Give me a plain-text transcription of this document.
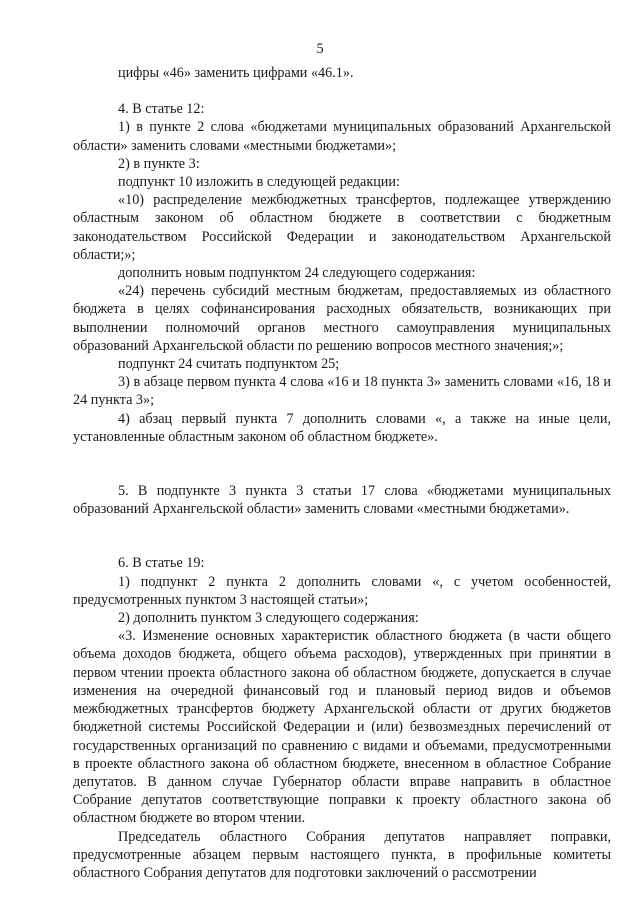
5

цифры «46» заменить цифрами «46.1».

4. В статье 12:

1) в пункте 2 слова «бюджетами муниципальных образований Архангельской области» заменить словами «местными бюджетами»;

2) в пункте 3:

подпункт 10 изложить в следующей редакции:

«10) распределение межбюджетных трансфертов, подлежащее утверждению областным законом об областном бюджете в соответствии с бюджетным законодательством Российской Федерации и законодательством Архангельской области;»;

дополнить новым подпунктом 24 следующего содержания:

«24) перечень субсидий местным бюджетам, предоставляемых из областного бюджета в целях софинансирования расходных обязательств, возникающих при выполнении полномочий органов местного самоуправления муниципальных образований Архангельской области по решению вопросов местного значения;»;

подпункт 24 считать подпунктом 25;

3) в абзаце первом пункта 4 слова «16 и 18 пункта 3» заменить словами «16, 18 и 24 пункта 3»;

4) абзац первый пункта 7 дополнить словами «, а также на иные цели, установленные областным законом об областном бюджете».

5. В подпункте 3 пункта 3 статьи 17 слова «бюджетами муниципальных образований Архангельской области» заменить словами «местными бюджетами».

6. В статье 19:

1) подпункт 2 пункта 2 дополнить словами «, с учетом особенностей, предусмотренных пунктом 3 настоящей статьи»;

2) дополнить пунктом 3 следующего содержания:

«3. Изменение основных характеристик областного бюджета (в части общего объема доходов бюджета, общего объема расходов), утвержденных при принятии в первом чтении проекта областного закона об областном бюджете, допускается в случае изменения на очередной финансовый год и плановый период видов и объемов межбюджетных трансфертов бюджету Архангельской области от других бюджетов бюджетной системы Российской Федерации и (или) безвозмездных перечислений от государственных организаций по сравнению с видами и объемами, предусмотренными в проекте областного закона об областном бюджете, внесенном в областное Собрание депутатов. В данном случае Губернатор области вправе направить в областное Собрание депутатов соответствующие поправки к проекту областного закона об областном бюджете во втором чтении.

Председатель областного Собрания депутатов направляет поправки, предусмотренные абзацем первым настоящего пункта, в профильные комитеты областного Собрания депутатов для подготовки заключений о рассмотрении
